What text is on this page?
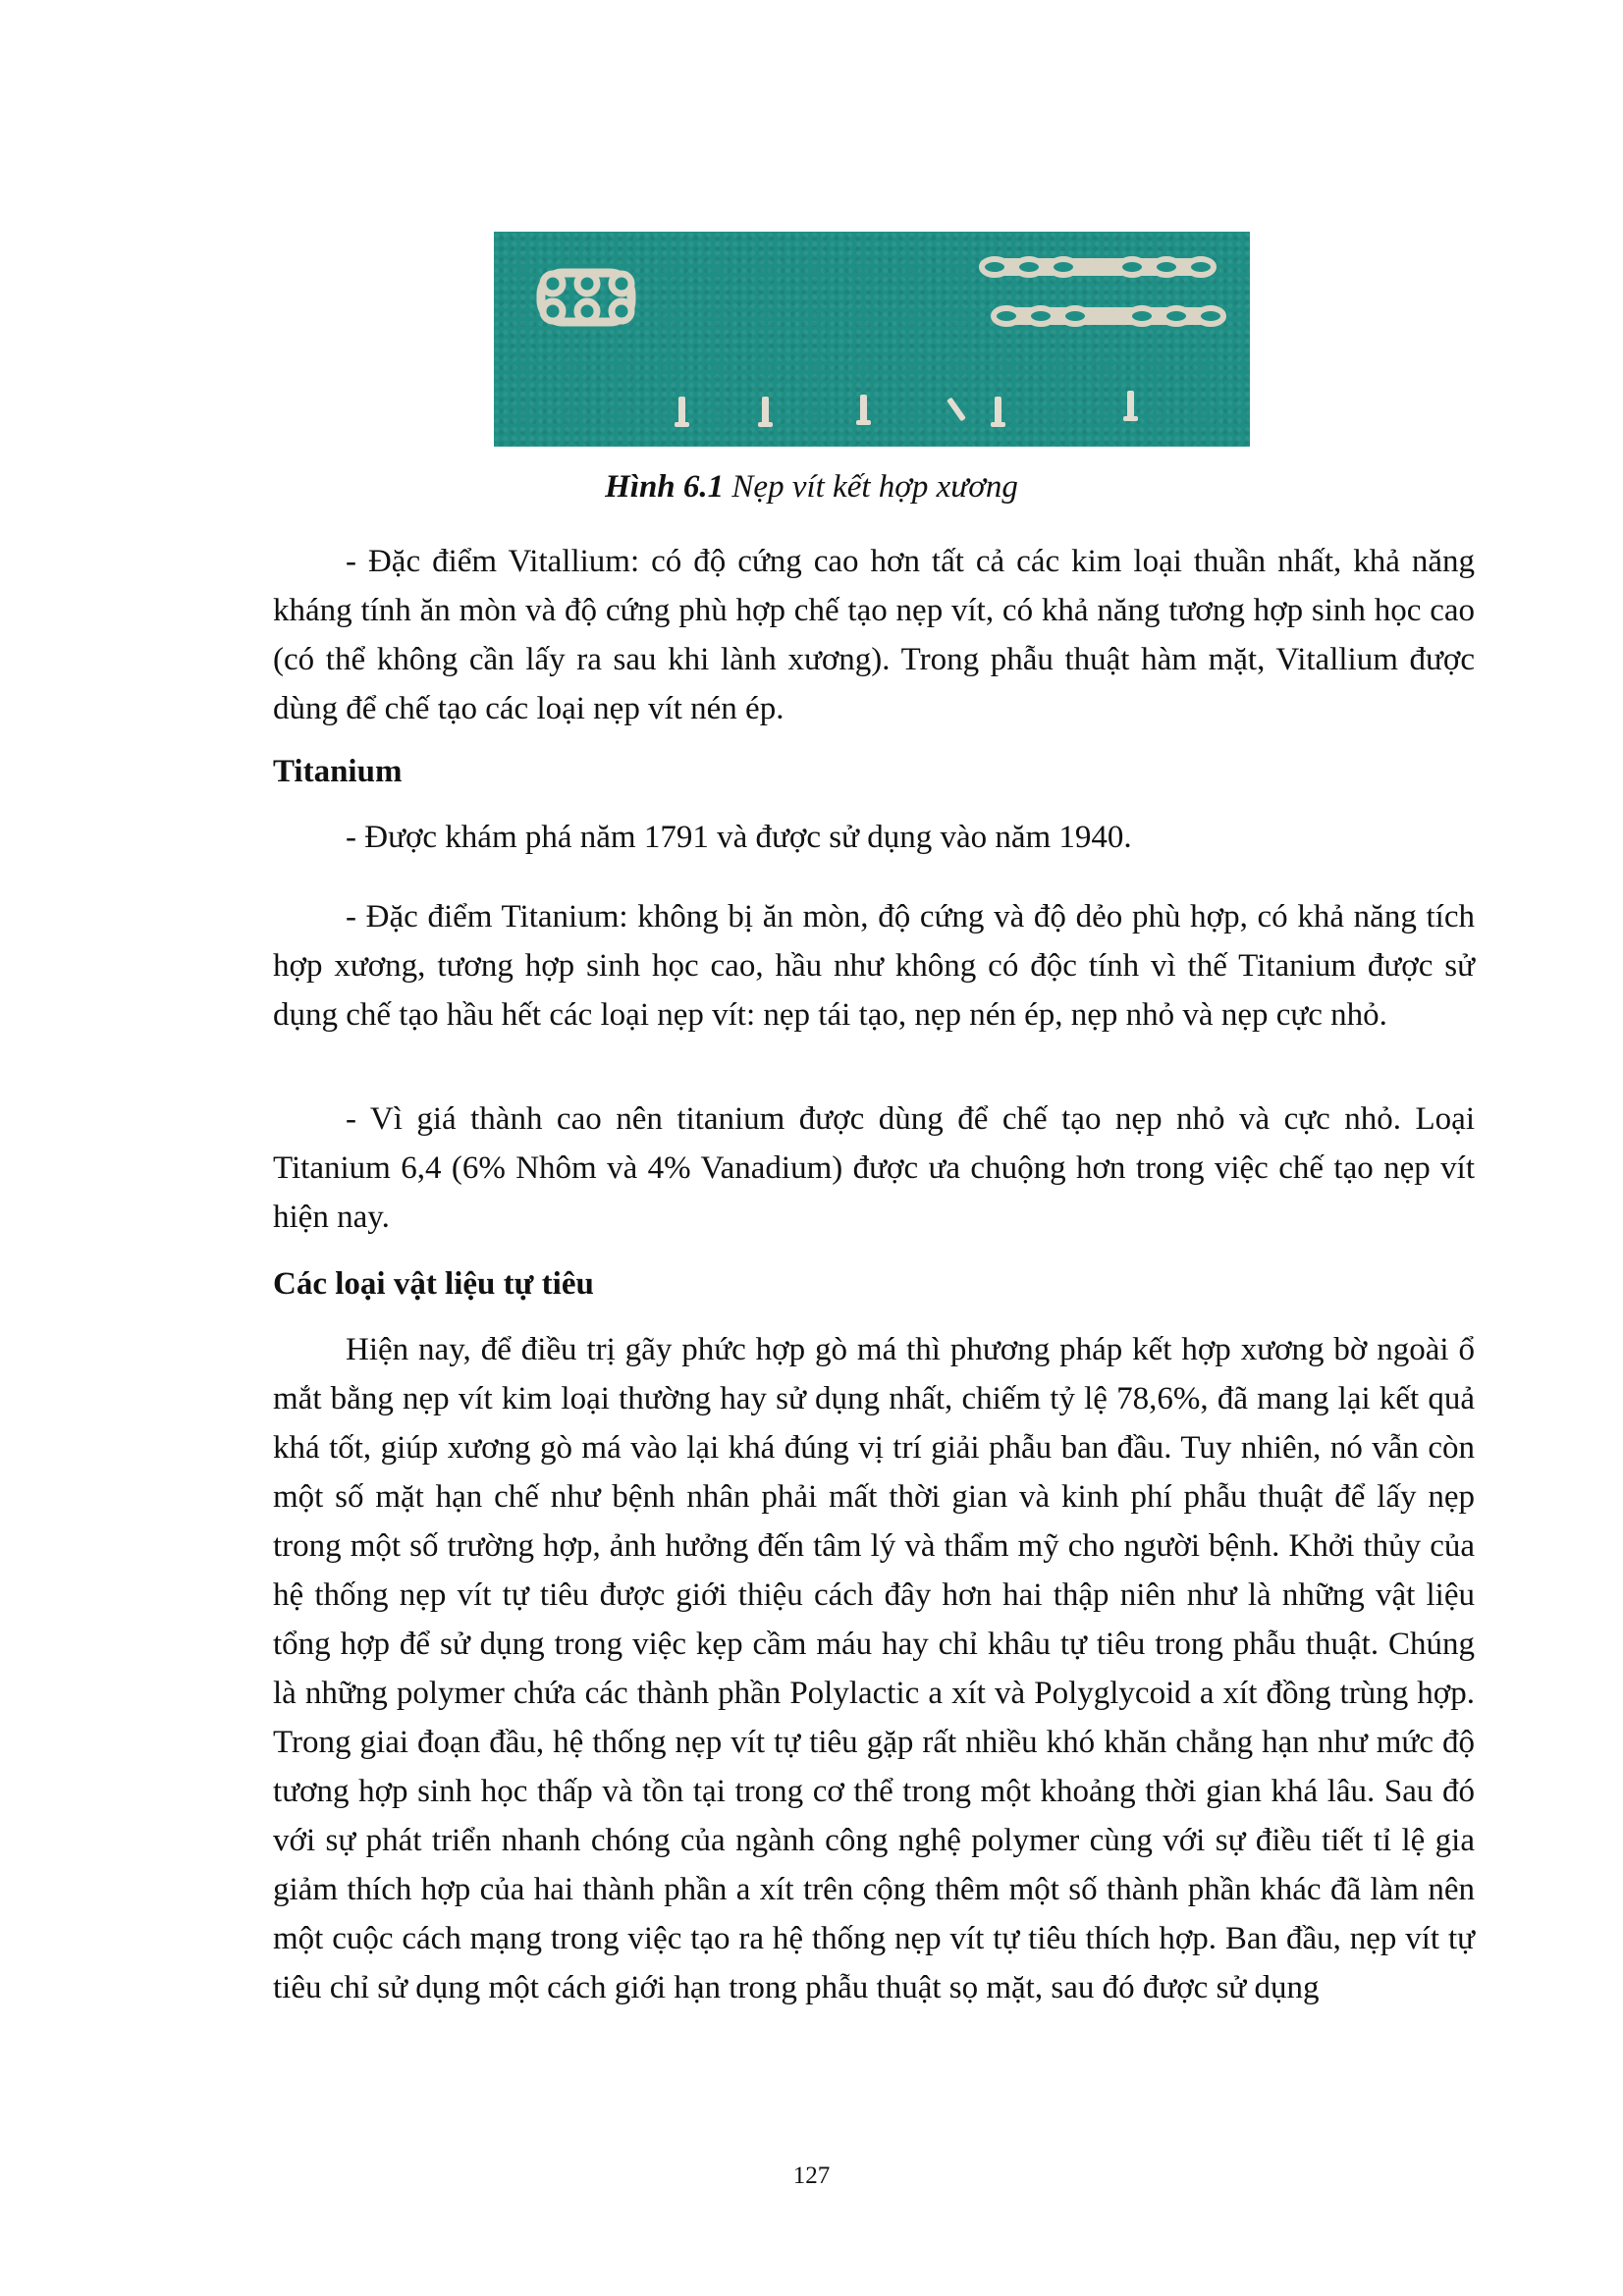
Hình 6.1 Nẹp vít kết hợp xương
- Đặc điểm Vitallium: có độ cứng cao hơn tất cả các kim loại thuần nhất, khả năng kháng tính ăn mòn và độ cứng phù hợp chế tạo nẹp vít, có khả năng tương hợp sinh học cao (có thể không cần lấy ra sau khi lành xương). Trong phẫu thuật hàm mặt, Vitallium được dùng để chế tạo các loại nẹp vít nén ép.
Titanium
- Được khám phá năm 1791 và được sử dụng vào năm 1940.
- Đặc điểm Titanium: không bị ăn mòn, độ cứng và độ dẻo phù hợp, có khả năng tích hợp xương, tương hợp sinh học cao, hầu như không có độc tính vì thế Titanium được sử dụng chế tạo hầu hết các loại nẹp vít: nẹp tái tạo, nẹp nén ép, nẹp nhỏ và nẹp cực nhỏ.
- Vì giá thành cao nên titanium được dùng để chế tạo nẹp nhỏ và cực nhỏ. Loại Titanium 6,4 (6% Nhôm và 4% Vanadium) được ưa chuộng hơn trong việc chế tạo nẹp vít hiện nay.
Các loại vật liệu tự tiêu
Hiện nay, để điều trị gãy phức hợp gò má thì phương pháp kết hợp xương bờ ngoài ổ mắt bằng nẹp vít kim loại thường hay sử dụng nhất, chiếm tỷ lệ 78,6%, đã mang lại kết quả khá tốt, giúp xương gò má vào lại khá đúng vị trí giải phẫu ban đầu. Tuy nhiên, nó vẫn còn một số mặt hạn chế như bệnh nhân phải mất thời gian và kinh phí phẫu thuật để lấy nẹp trong một số trường hợp, ảnh hưởng đến tâm lý và thẩm mỹ cho người bệnh. Khởi thủy của hệ thống nẹp vít tự tiêu được giới thiệu cách đây hơn hai thập niên như là những vật liệu tổng hợp để sử dụng trong việc kẹp cầm máu hay chỉ khâu tự tiêu trong phẫu thuật. Chúng là những polymer chứa các thành phần Polylactic a xít và Polyglycoid a xít đồng trùng hợp. Trong giai đoạn đầu, hệ thống nẹp vít tự tiêu gặp rất nhiều khó khăn chẳng hạn như mức độ tương hợp sinh học thấp và tồn tại trong cơ thể trong một khoảng thời gian khá lâu. Sau đó với sự phát triển nhanh chóng của ngành công nghệ polymer cùng với sự điều tiết tỉ lệ gia giảm thích hợp của hai thành phần a xít trên cộng thêm một số thành phần khác đã làm nên một cuộc cách mạng trong việc tạo ra hệ thống nẹp vít tự tiêu thích hợp. Ban đầu, nẹp vít tự tiêu chỉ sử dụng một cách giới hạn trong phẫu thuật sọ mặt, sau đó được sử dụng
127
